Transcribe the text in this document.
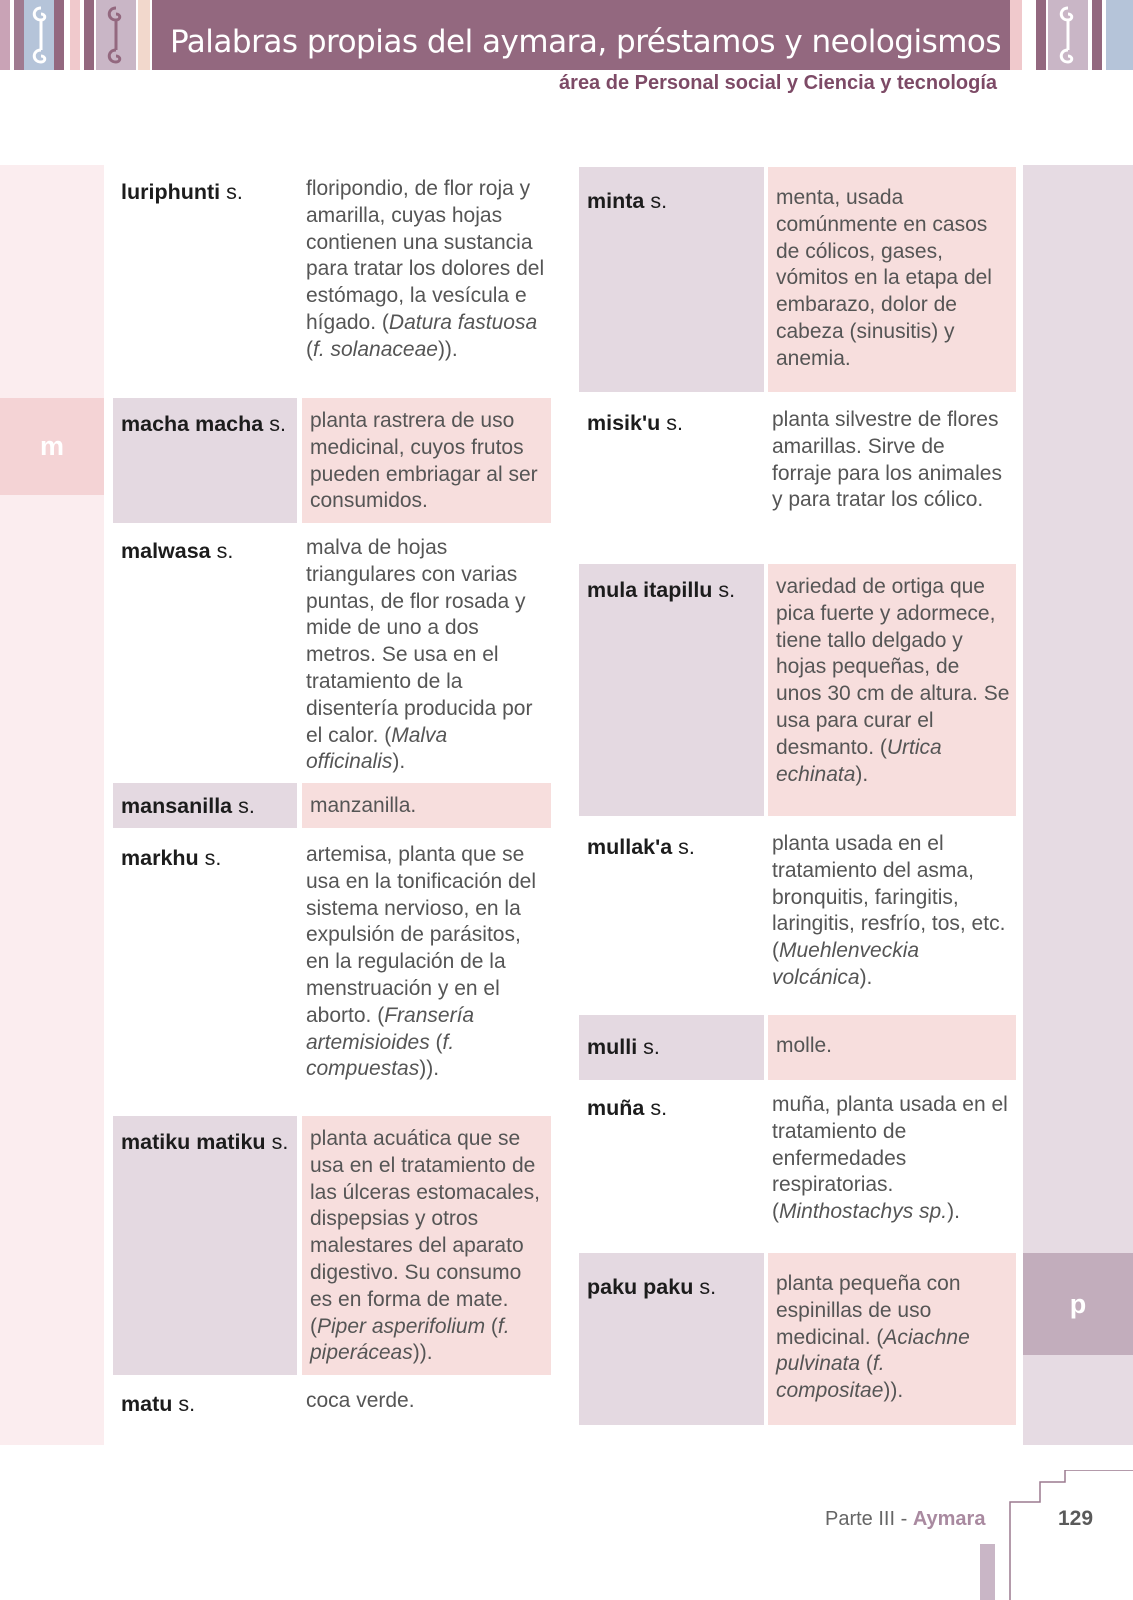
Palabras propias del aymara, préstamos y neologismos
área de Personal social y Ciencia y tecnología
m
p
luriphunti s.	floripondio, de flor roja y amarilla, cuyas hojas contienen una sustancia para tratar los dolores del estómago, la vesícula e hígado. (Datura fastuosa (f. solanaceae)).
macha macha s.	planta rastrera de uso medicinal, cuyos frutos pueden embriagar al ser consumidos.
malwasa s.	malva de hojas triangulares con varias puntas, de flor rosada y mide de uno a dos metros. Se usa en el tratamiento de la disentería producida por el calor. (Malva officinalis).
mansanilla s.	manzanilla.
markhu s.	artemisa, planta que se usa en la tonificación del sistema nervioso, en la expulsión de parásitos, en la regulación de la menstruación y en el aborto. (Fransería artemisioides (f. compuestas)).
matiku matiku s.	planta acuática que se usa en el tratamiento de las úlceras estomacales, dispepsias y otros malestares del aparato digestivo. Su consumo es en forma de mate. (Piper asperifolium (f. piperáceas)).
matu s.	coca verde.
minta s.	menta, usada comúnmente en casos de cólicos, gases, vómitos en la etapa del embarazo, dolor de cabeza (sinusitis) y anemia.
misik'u s.	planta silvestre de flores amarillas. Sirve de forraje para los animales y para tratar los cólico.
mula itapillu s.	variedad de ortiga que pica fuerte y adormece, tiene tallo delgado y hojas pequeñas, de unos 30 cm de altura. Se usa para curar el desmanto. (Urtica echinata).
mullak'a s.	planta usada en el tratamiento del asma, bronquitis, faringitis, laringitis, resfrío, tos, etc. (Muehlenveckia volcánica).
mulli s.	molle.
muña s.	muña, planta usada en el tratamiento de enfermedades respiratorias. (Minthostachys sp.).
paku paku s.	planta pequeña con espinillas de uso medicinal. (Aciachne pulvinata (f. compositae)).
Parte III - Aymara	129
